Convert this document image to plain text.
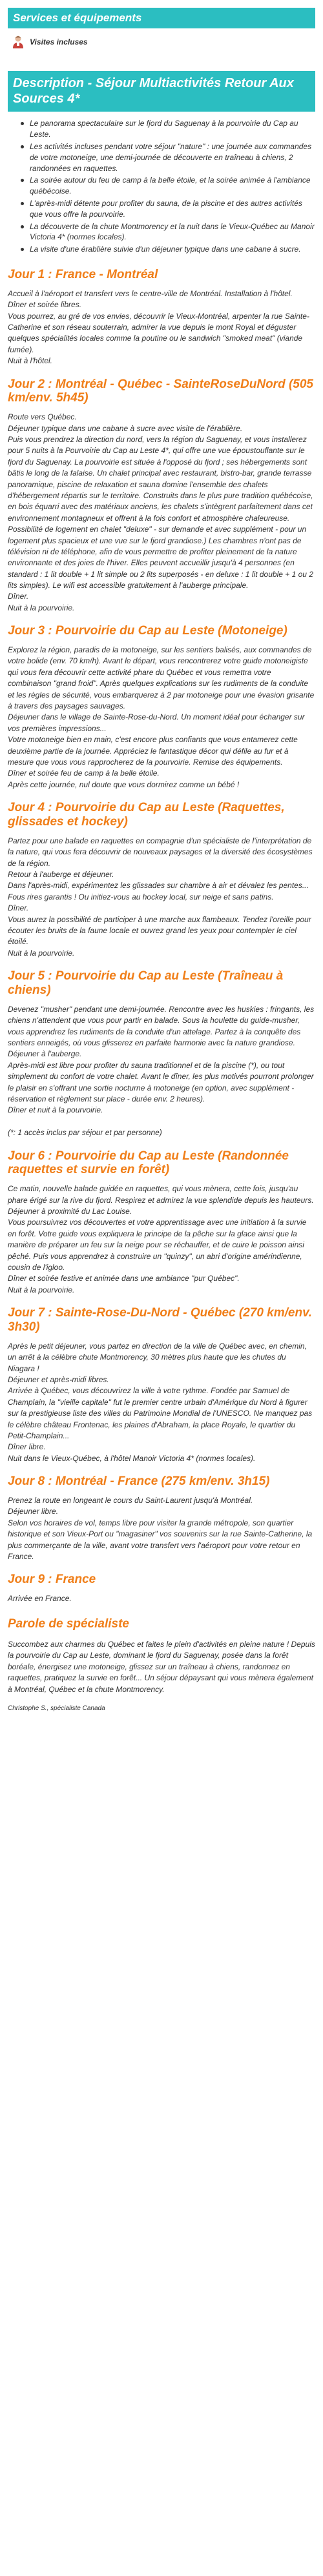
Services et équipements
Visites incluses
Description - Séjour Multiactivités Retour Aux Sources 4*
Le panorama spectaculaire sur le fjord du Saguenay à la pourvoirie du Cap au Leste.
Les activités incluses pendant votre séjour "nature" : une journée aux commandes de votre motoneige, une demi-journée de découverte en traîneau à chiens, 2 randonnées en raquettes.
La soirée autour du feu de camp à la belle étoile, et la soirée animée à l'ambiance québécoise.
L'après-midi détente pour profiter du sauna, de la piscine et des autres activités que vous offre la pourvoirie.
La découverte de la chute Montmorency et la nuit dans le Vieux-Québec au Manoir Victoria 4* (normes locales).
La visite d'une érablière suivie d'un déjeuner typique dans une cabane à sucre.
Jour 1 : France - Montréal

Accueil à l'aéroport et transfert vers le centre-ville de Montréal. Installation à l'hôtel.
Dîner et soirée libres.
Vous pourrez, au gré de vos envies, découvrir le Vieux-Montréal, arpenter la rue Sainte-Catherine et son réseau souterrain, admirer la vue depuis le mont Royal et déguster quelques spécialités locales comme la poutine ou le sandwich "smoked meat" (viande fumée).
Nuit à l'hôtel.

Jour 2 : Montréal - Québec - SainteRoseDuNord (505 km/env. 5h45)

Route vers Québec.
Déjeuner typique dans une cabane à sucre avec visite de l'érablière.
Puis vous prendrez la direction du nord, vers la région du Saguenay, et vous installerez pour 5 nuits à la Pourvoirie du Cap au Leste 4*, qui offre une vue époustouflante sur le fjord du Saguenay. La pourvoirie est située à l'opposé du fjord ; ses hébergements sont bâtis le long de la falaise. Un chalet principal avec restaurant, bistro-bar, grande terrasse panoramique, piscine de relaxation et sauna domine l'ensemble des chalets d'hébergement répartis sur le territoire. Construits dans le plus pure tradition québécoise, en bois équarri avec des matériaux anciens, les chalets s'intègrent parfaitement dans cet environnement montagneux et offrent à la fois confort et atmosphère chaleureuse. Possibilité de logement en chalet "deluxe" - sur demande et avec supplément - pour un logement plus spacieux et une vue sur le fjord grandiose.) Les chambres n'ont pas de télévision ni de téléphone, afin de vous permettre de profiter pleinement de la nature environnante et des joies de l'hiver. Elles peuvent accueillir jusqu'à 4 personnes (en standard : 1 lit double + 1 lit simple ou 2 lits superposés - en deluxe : 1 lit double + 1 ou 2 lits simples). Le wifi est accessible gratuitement à l'auberge principale.
Dîner.
Nuit à la pourvoirie.

Jour 3 : Pourvoirie du Cap au Leste (Motoneige)

Explorez la région, paradis de la motoneige, sur les sentiers balisés, aux commandes de votre bolide (env. 70 km/h). Avant le départ, vous rencontrerez votre guide motoneigiste qui vous fera découvrir cette activité phare du Québec et vous remettra votre combinaison "grand froid". Après quelques explications sur les rudiments de la conduite et les règles de sécurité, vous embarquerez à 2 par motoneige pour une évasion grisante à travers des paysages sauvages.
Déjeuner dans le village de Sainte-Rose-du-Nord. Un moment idéal pour échanger sur vos premières impressions...
Votre motoneige bien en main, c'est encore plus confiants que vous entamerez cette deuxième partie de la journée. Appréciez le fantastique décor qui défile au fur et à mesure que vous vous rapprocherez de la pourvoirie. Remise des équipements.
Dîner et soirée feu de camp à la belle étoile.
Après cette journée, nul doute que vous dormirez comme un bébé !

Jour 4 : Pourvoirie du Cap au Leste (Raquettes, glissades et hockey)

Partez pour une balade en raquettes en compagnie d'un spécialiste de l'interprétation de la nature, qui vous fera découvrir de nouveaux paysages et la diversité des écosystèmes de la région.
Retour à l'auberge et déjeuner.
Dans l'après-midi, expérimentez les glissades sur chambre à air et dévalez les pentes... Fous rires garantis ! Ou initiez-vous au hockey local, sur neige et sans patins.
Dîner.
Vous aurez la possibilité de participer à une marche aux flambeaux. Tendez l'oreille pour écouter les bruits de la faune locale et ouvrez grand les yeux pour contempler le ciel étoilé.
Nuit à la pourvoirie.

Jour 5 : Pourvoirie du Cap au Leste (Traîneau à chiens)

Devenez "musher" pendant une demi-journée. Rencontre avec les huskies : fringants, les chiens n'attendent que vous pour partir en balade. Sous la houlette du guide-musher, vous apprendrez les rudiments de la conduite d'un attelage. Partez à la conquête des sentiers enneigés, où vous glisserez en parfaite harmonie avec la nature grandiose.
Déjeuner à l'auberge.
Après-midi est libre pour profiter du sauna traditionnel et de la piscine (*), ou tout simplement du confort de votre chalet. Avant le dîner, les plus motivés pourront prolonger le plaisir en s'offrant une sortie nocturne à motoneige (en option, avec supplément - réservation et règlement sur place - durée env. 2 heures).
Dîner et nuit à la pourvoirie.

(*: 1 accès inclus par séjour et par personne)

Jour 6 : Pourvoirie du Cap au Leste (Randonnée raquettes et survie en forêt)

Ce matin, nouvelle balade guidée en raquettes, qui vous mènera, cette fois, jusqu'au phare érigé sur la rive du fjord. Respirez et admirez la vue splendide depuis les hauteurs.
Déjeuner à proximité du Lac Louise.
Vous poursuivrez vos découvertes et votre apprentissage avec une initiation à la survie en forêt. Votre guide vous expliquera le principe de la pêche sur la glace ainsi que la manière de préparer un feu sur la neige pour se réchauffer, et de cuire le poisson ainsi pêché. Puis vous apprendrez à construire un "quinzy", un abri d'origine amérindienne, cousin de l'igloo.
Dîner et soirée festive et animée dans une ambiance "pur Québec".
Nuit à la pourvoirie.

Jour 7 : Sainte-Rose-Du-Nord - Québec (270 km/env. 3h30)

Après le petit déjeuner, vous partez en direction de la ville de Québec avec, en chemin, un arrêt à la célèbre chute Montmorency, 30 mètres plus haute que les chutes du Niagara !
Déjeuner et après-midi libres.
Arrivée à Québec, vous découvrirez la ville à votre rythme. Fondée par Samuel de Champlain, la "vieille capitale" fut le premier centre urbain d'Amérique du Nord à figurer sur la prestigieuse liste des villes du Patrimoine Mondial de l'UNESCO. Ne manquez pas le célèbre château Frontenac, les plaines d'Abraham, la place Royale, le quartier du Petit-Champlain...
Dîner libre.
Nuit dans le Vieux-Québec, à l'hôtel Manoir Victoria 4* (normes locales).

Jour 8 : Montréal - France (275 km/env. 3h15)

Prenez la route en longeant le cours du Saint-Laurent jusqu'à Montréal.
Déjeuner libre.
Selon vos horaires de vol, temps libre pour visiter la grande métropole, son quartier historique et son Vieux-Port ou "magasiner" vos souvenirs sur la rue Sainte-Catherine, la plus commerçante de la ville, avant votre transfert vers l'aéroport pour votre retour en France.

Jour 9 : France

Arrivée en France.

Parole de spécialiste

Succombez aux charmes du Québec et faites le plein d'activités en pleine nature ! Depuis la pourvoirie du Cap au Leste, dominant le fjord du Saguenay, posée dans la forêt boréale, énergisez une motoneige, glissez sur un traîneau à chiens, randonnez en raquettes, pratiquez la survie en forêt... Un séjour dépaysant qui vous mènera également à Montréal, Québec et la chute Montmorency.

Christophe S., spécialiste Canada
